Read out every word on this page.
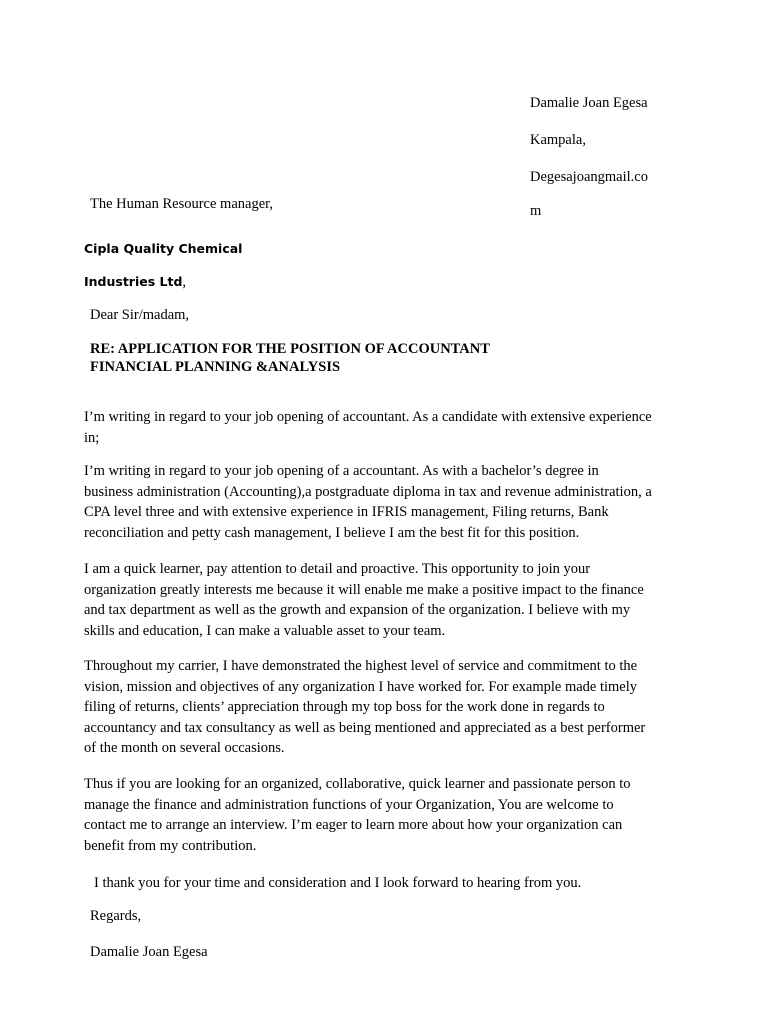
Damalie Joan Egesa
Kampala,
Degesajoangmail.co
m
The Human Resource manager,
Cipla Quality Chemical
Industries Ltd,
Dear Sir/madam,
RE: APPLICATION FOR THE POSITION OF ACCOUNTANT
FINANCIAL PLANNING &ANALYSIS
I’m writing in regard to your job opening of accountant. As a candidate with extensive experience
in;
I’m writing in regard to your job opening of a accountant. As with a bachelor’s degree in
business administration (Accounting),a postgraduate diploma in tax and revenue administration, a
CPA level three and with extensive experience in IFRIS management, Filing returns, Bank
reconciliation and petty cash management, I believe I am the best fit for this position.
I am a quick learner, pay attention to detail and proactive. This opportunity to join your
organization greatly interests me because it will enable me make a positive impact to the finance
and tax department as well as the growth and expansion of the organization. I believe with my
skills and education, I can make a valuable asset to your team.
Throughout my carrier, I have demonstrated the highest level of service and commitment to the
vision, mission and objectives of any organization I have worked for. For example made timely
filing of returns, clients’ appreciation through my top boss for the work done in regards to
accountancy and tax consultancy as well as being mentioned and appreciated as a best performer
of the month on several occasions.
Thus if you are looking for an organized, collaborative, quick learner and passionate person to
manage the finance and administration functions of your Organization, You are welcome to
contact me to arrange an interview. I’m eager to learn more about how your organization can
benefit from my contribution.
I thank you for your time and consideration and I look forward to hearing from you.
Regards,
Damalie Joan Egesa
